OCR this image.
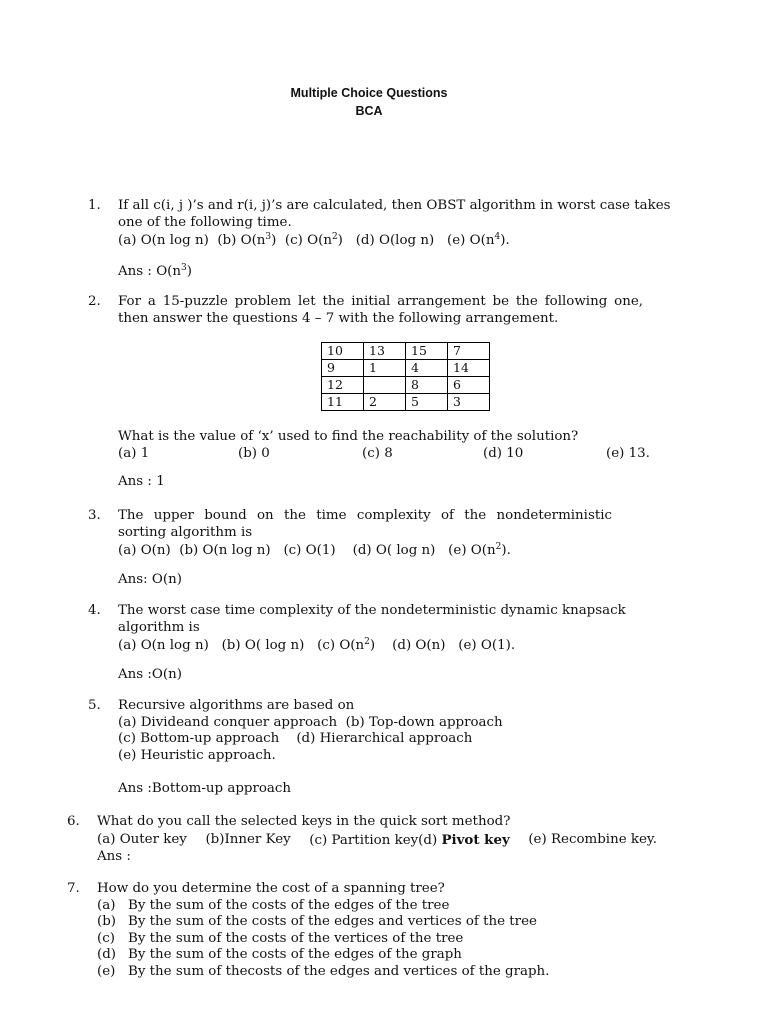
Multiple Choice Questions
BCA
1. If all c(i, j )’s and r(i, j)’s are calculated, then OBST algorithm in worst case takes
one of the following time.
(a) O(n log n) (b) $O(n^3)$ (c) $O(n^2)$ (d) O(log n) (e) $O(n^4)$.
Ans : $O(n^3)$
2. For a 15-puzzle problem let the initial arrangement be the following one,
then answer the questions 4 – 7 with the following arrangement.
10	13	15	7
9	1	4	14
12		8	6
11	2	5	3
What is the value of ‘x’ used to find the reachability of the solution?
(a) 1	(b) 0	(c) 8	(d) 10	(e) 13.
Ans : 1
3. The upper bound on the time complexity of the nondeterministic
sorting algorithm is
(a) O(n) (b) O(n log n) (c) O(1) (d) O( log n) (e) $O(n^2)$.
Ans: O(n)
4. The worst case time complexity of the nondeterministic dynamic knapsack
algorithm is
(a) O(n log n) (b) O( log n) (c) $O(n^2)$ (d) O(n) (e) O(1).
Ans :O(n)
5. Recursive algorithms are based on
(a) Divideand conquer approach  (b) Top-down approach
(c) Bottom-up approach    (d) Hierarchical approach
(e) Heuristic approach.
Ans :Bottom-up approach
6. What do you call the selected keys in the quick sort method?
(a) Outer key (b)Inner Key (c) Partition key(d) Pivot key (e) Recombine key.
Ans :
7. How do you determine the cost of a spanning tree?
(a) By the sum of the costs of the edges of the tree
(b) By the sum of the costs of the edges and vertices of the tree
(c) By the sum of the costs of the vertices of the tree
(d) By the sum of the costs of the edges of the graph
(e) By the sum of thecosts of the edges and vertices of the graph.
